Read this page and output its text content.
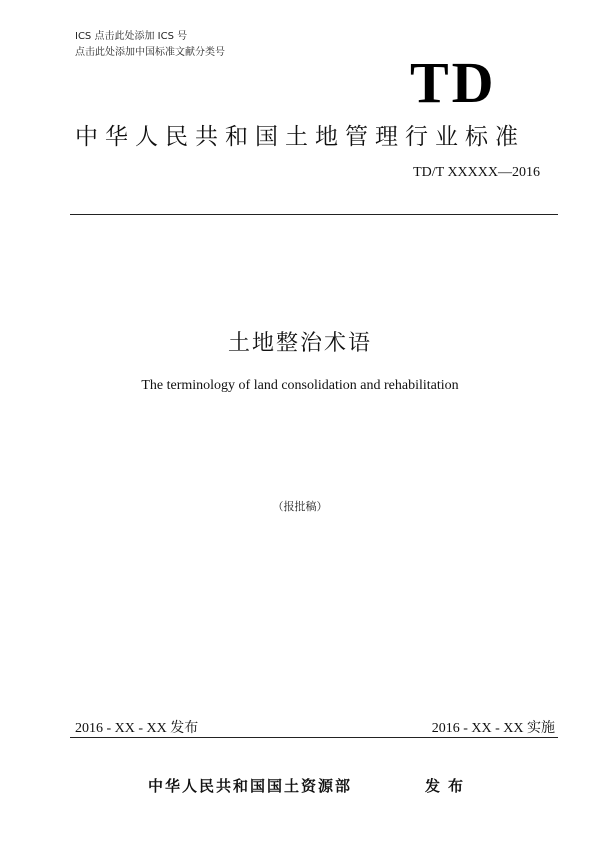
ICS 点击此处添加 ICS 号
点击此处添加中国标准文献分类号	TD
中华人民共和国土地管理行业标准
TD/T XXXXX—2016
土地整治术语
The terminology of land consolidation and rehabilitation
（报批稿）
2016 - XX - XX 发布	2016 - XX - XX 实施
中华人民共和国国土资源部	发布
